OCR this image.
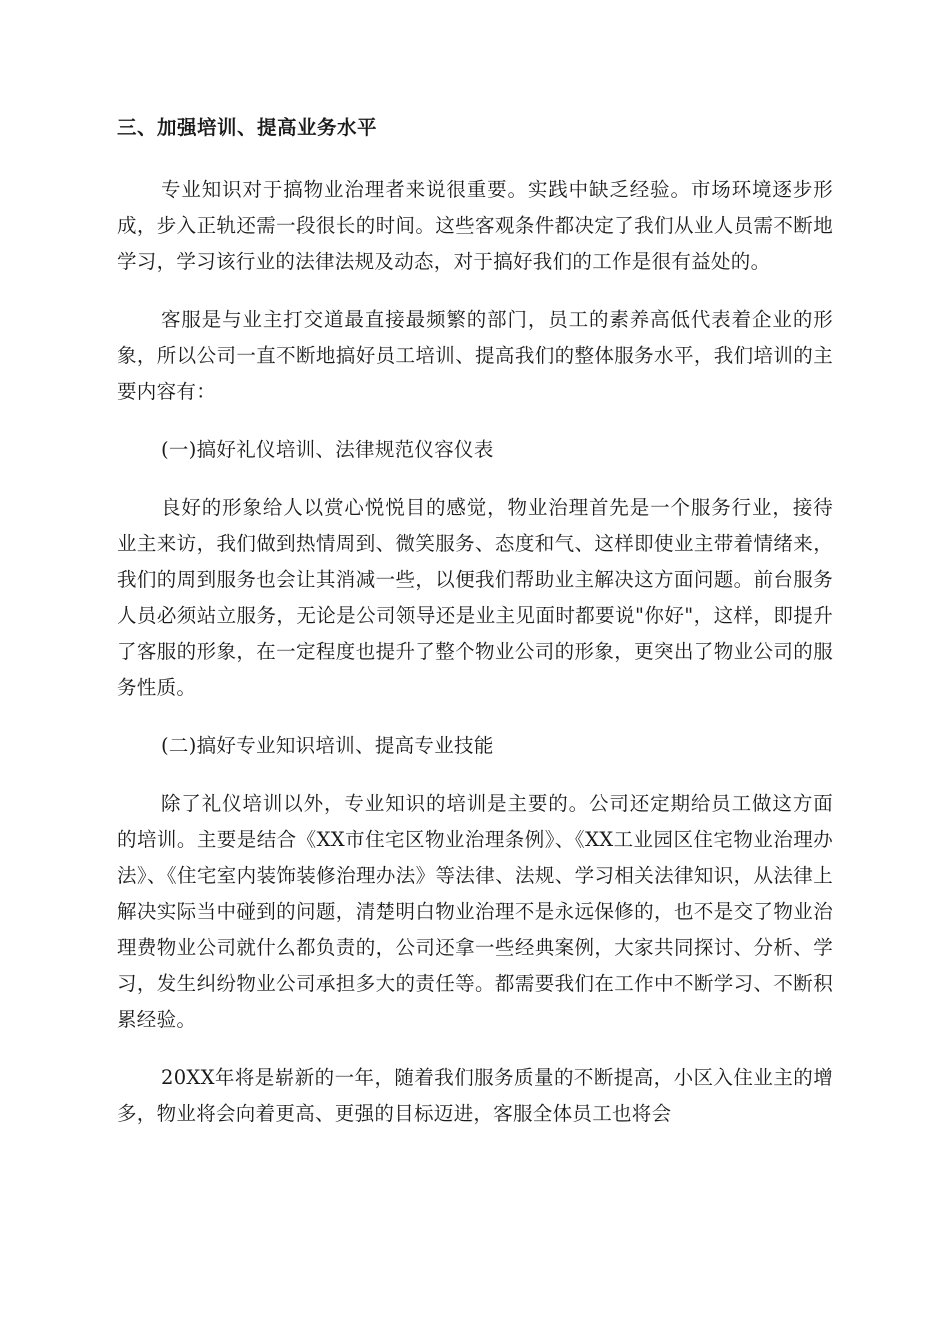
三、加强培训、提高业务水平

专业知识对于搞物业治理者来说很重要。实践中缺乏经验。市场环境逐步形成，步入正轨还需一段很长的时间。这些客观条件都决定了我们从业人员需不断地学习，学习该行业的法律法规及动态，对于搞好我们的工作是很有益处的。

客服是与业主打交道最直接最频繁的部门，员工的素养高低代表着企业的形象，所以公司一直不断地搞好员工培训、提高我们的整体服务水平，我们培训的主要内容有：

(一)搞好礼仪培训、法律规范仪容仪表

良好的形象给人以赏心悦悦目的感觉，物业治理首先是一个服务行业，接待业主来访，我们做到热情周到、微笑服务、态度和气、这样即使业主带着情绪来，我们的周到服务也会让其消减一些，以便我们帮助业主解决这方面问题。前台服务人员必须站立服务，无论是公司领导还是业主见面时都要说"你好"，这样，即提升了客服的形象，在一定程度也提升了整个物业公司的形象，更突出了物业公司的服务性质。

(二)搞好专业知识培训、提高专业技能

除了礼仪培训以外，专业知识的培训是主要的。公司还定期给员工做这方面的培训。主要是结合《XX市住宅区物业治理条例》、《XX工业园区住宅物业治理办法》、《住宅室内装饰装修治理办法》等法律、法规、学习相关法律知识，从法律上解决实际当中碰到的问题，清楚明白物业治理不是永远保修的，也不是交了物业治理费物业公司就什么都负责的，公司还拿一些经典案例，大家共同探讨、分析、学习，发生纠纷物业公司承担多大的责任等。都需要我们在工作中不断学习、不断积累经验。

20XX年将是崭新的一年，随着我们服务质量的不断提高，小区入住业主的增多，物业将会向着更高、更强的目标迈进，客服全体员工也将会
